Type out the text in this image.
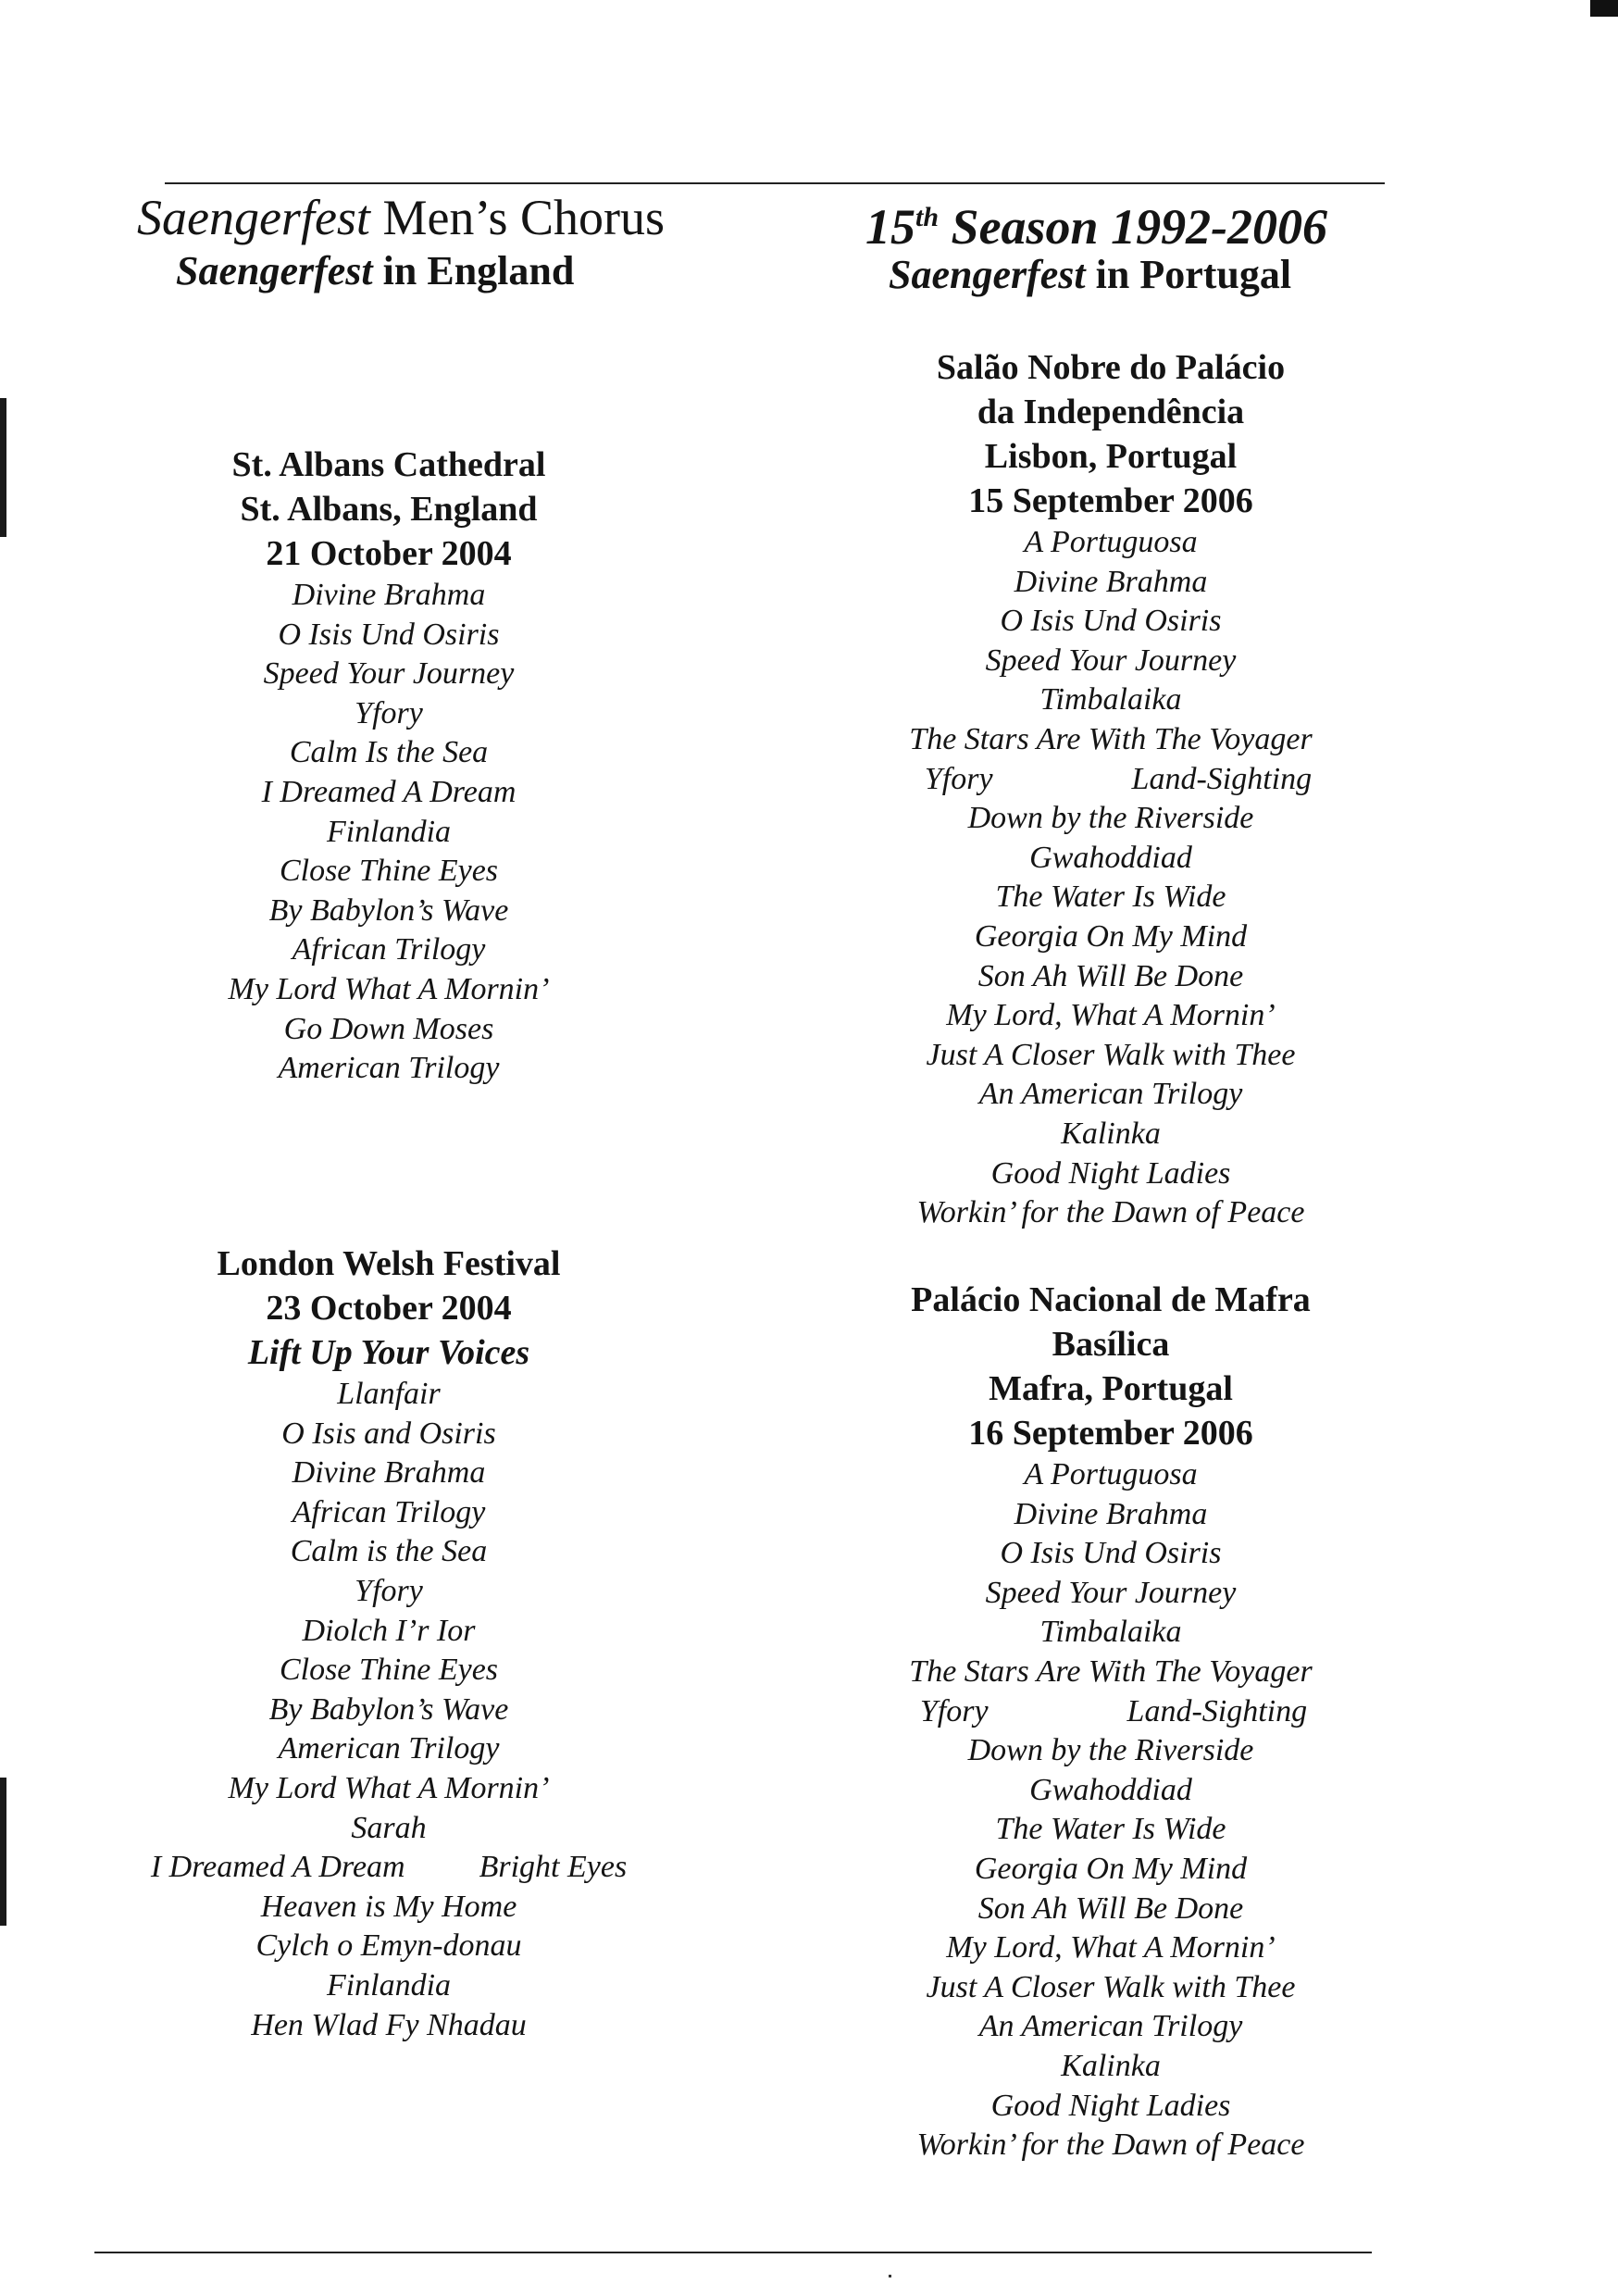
Saengerfest Men’s Chorus
Saengerfest in England
15th Season 1992-2006
Saengerfest in Portugal
St. Albans Cathedral
St. Albans, England
21 October 2004
Divine Brahma
O Isis Und Osiris
Speed Your Journey
Yfory
Calm Is the Sea
I Dreamed A Dream
Finlandia
Close Thine Eyes
By Babylon’s Wave
African Trilogy
My Lord What A Mornin’
Go Down Moses
American Trilogy
London Welsh Festival
23 October 2004
Lift Up Your Voices
Llanfair
O Isis and Osiris
Divine Brahma
African Trilogy
Calm is the Sea
Yfory
Diolch I’r Ior
Close Thine Eyes
By Babylon’s Wave
American Trilogy
My Lord What A Mornin’
Sarah
I Dreamed A Dream Bright Eyes
Heaven is My Home
Cylch o Emyn-donau
Finlandia
Hen Wlad Fy Nhadau
Salão Nobre do Palácio
da Independência
Lisbon, Portugal
15 September 2006
A Portuguosa
Divine Brahma
O Isis Und Osiris
Speed Your Journey
Timbalaika
The Stars Are With The Voyager
Yfory	Land-Sighting
Down by the Riverside
Gwahoddiad
The Water Is Wide
Georgia On My Mind
Son Ah Will Be Done
My Lord, What A Mornin’
Just A Closer Walk with Thee
An American Trilogy
Kalinka
Good Night Ladies
Workin’ for the Dawn of Peace
Palácio Nacional de Mafra
Basílica
Mafra, Portugal
16 September 2006
A Portuguosa
Divine Brahma
O Isis Und Osiris
Speed Your Journey
Timbalaika
The Stars Are With The Voyager
Yfory	Land-Sighting
Down by the Riverside
Gwahoddiad
The Water Is Wide
Georgia On My Mind
Son Ah Will Be Done
My Lord, What A Mornin’
Just A Closer Walk with Thee
An American Trilogy
Kalinka
Good Night Ladies
Workin’ for the Dawn of Peace
